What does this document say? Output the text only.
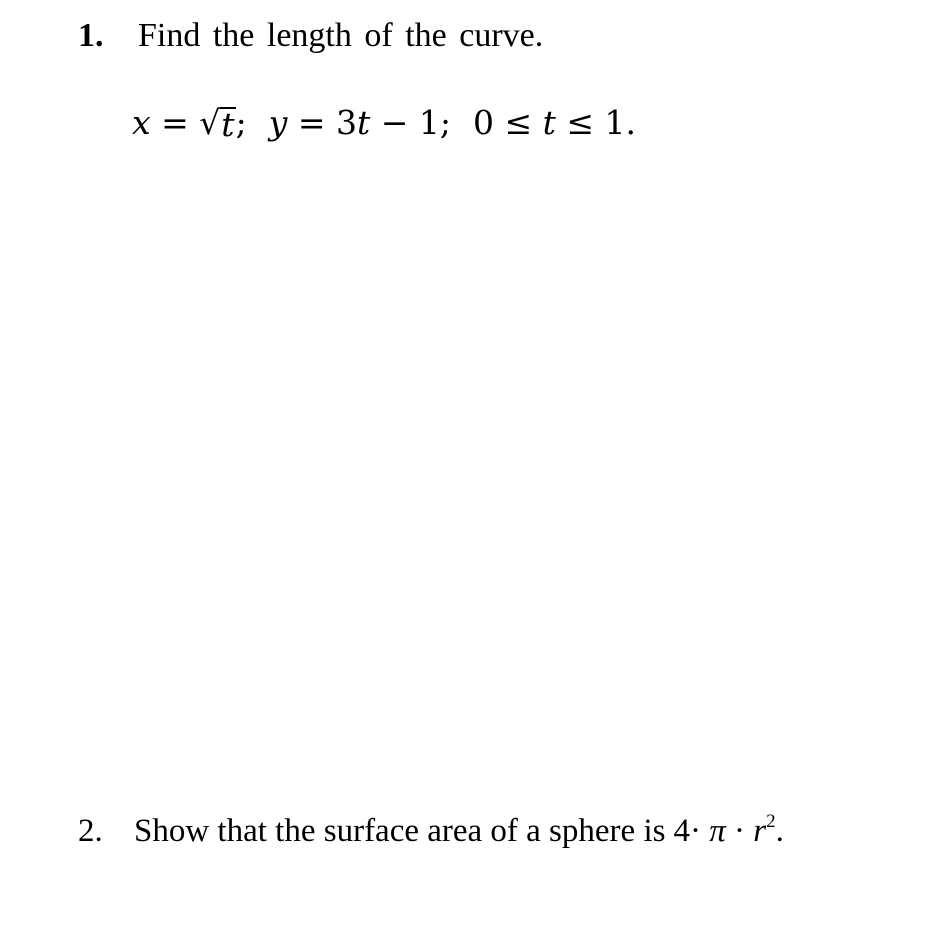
1. Find the length of the curve.
x = √t; y = 3t − 1; 0 ≤ t ≤ 1.
2. Show that the surface area of a sphere is $4\cdot \pi \cdot r^2$.
